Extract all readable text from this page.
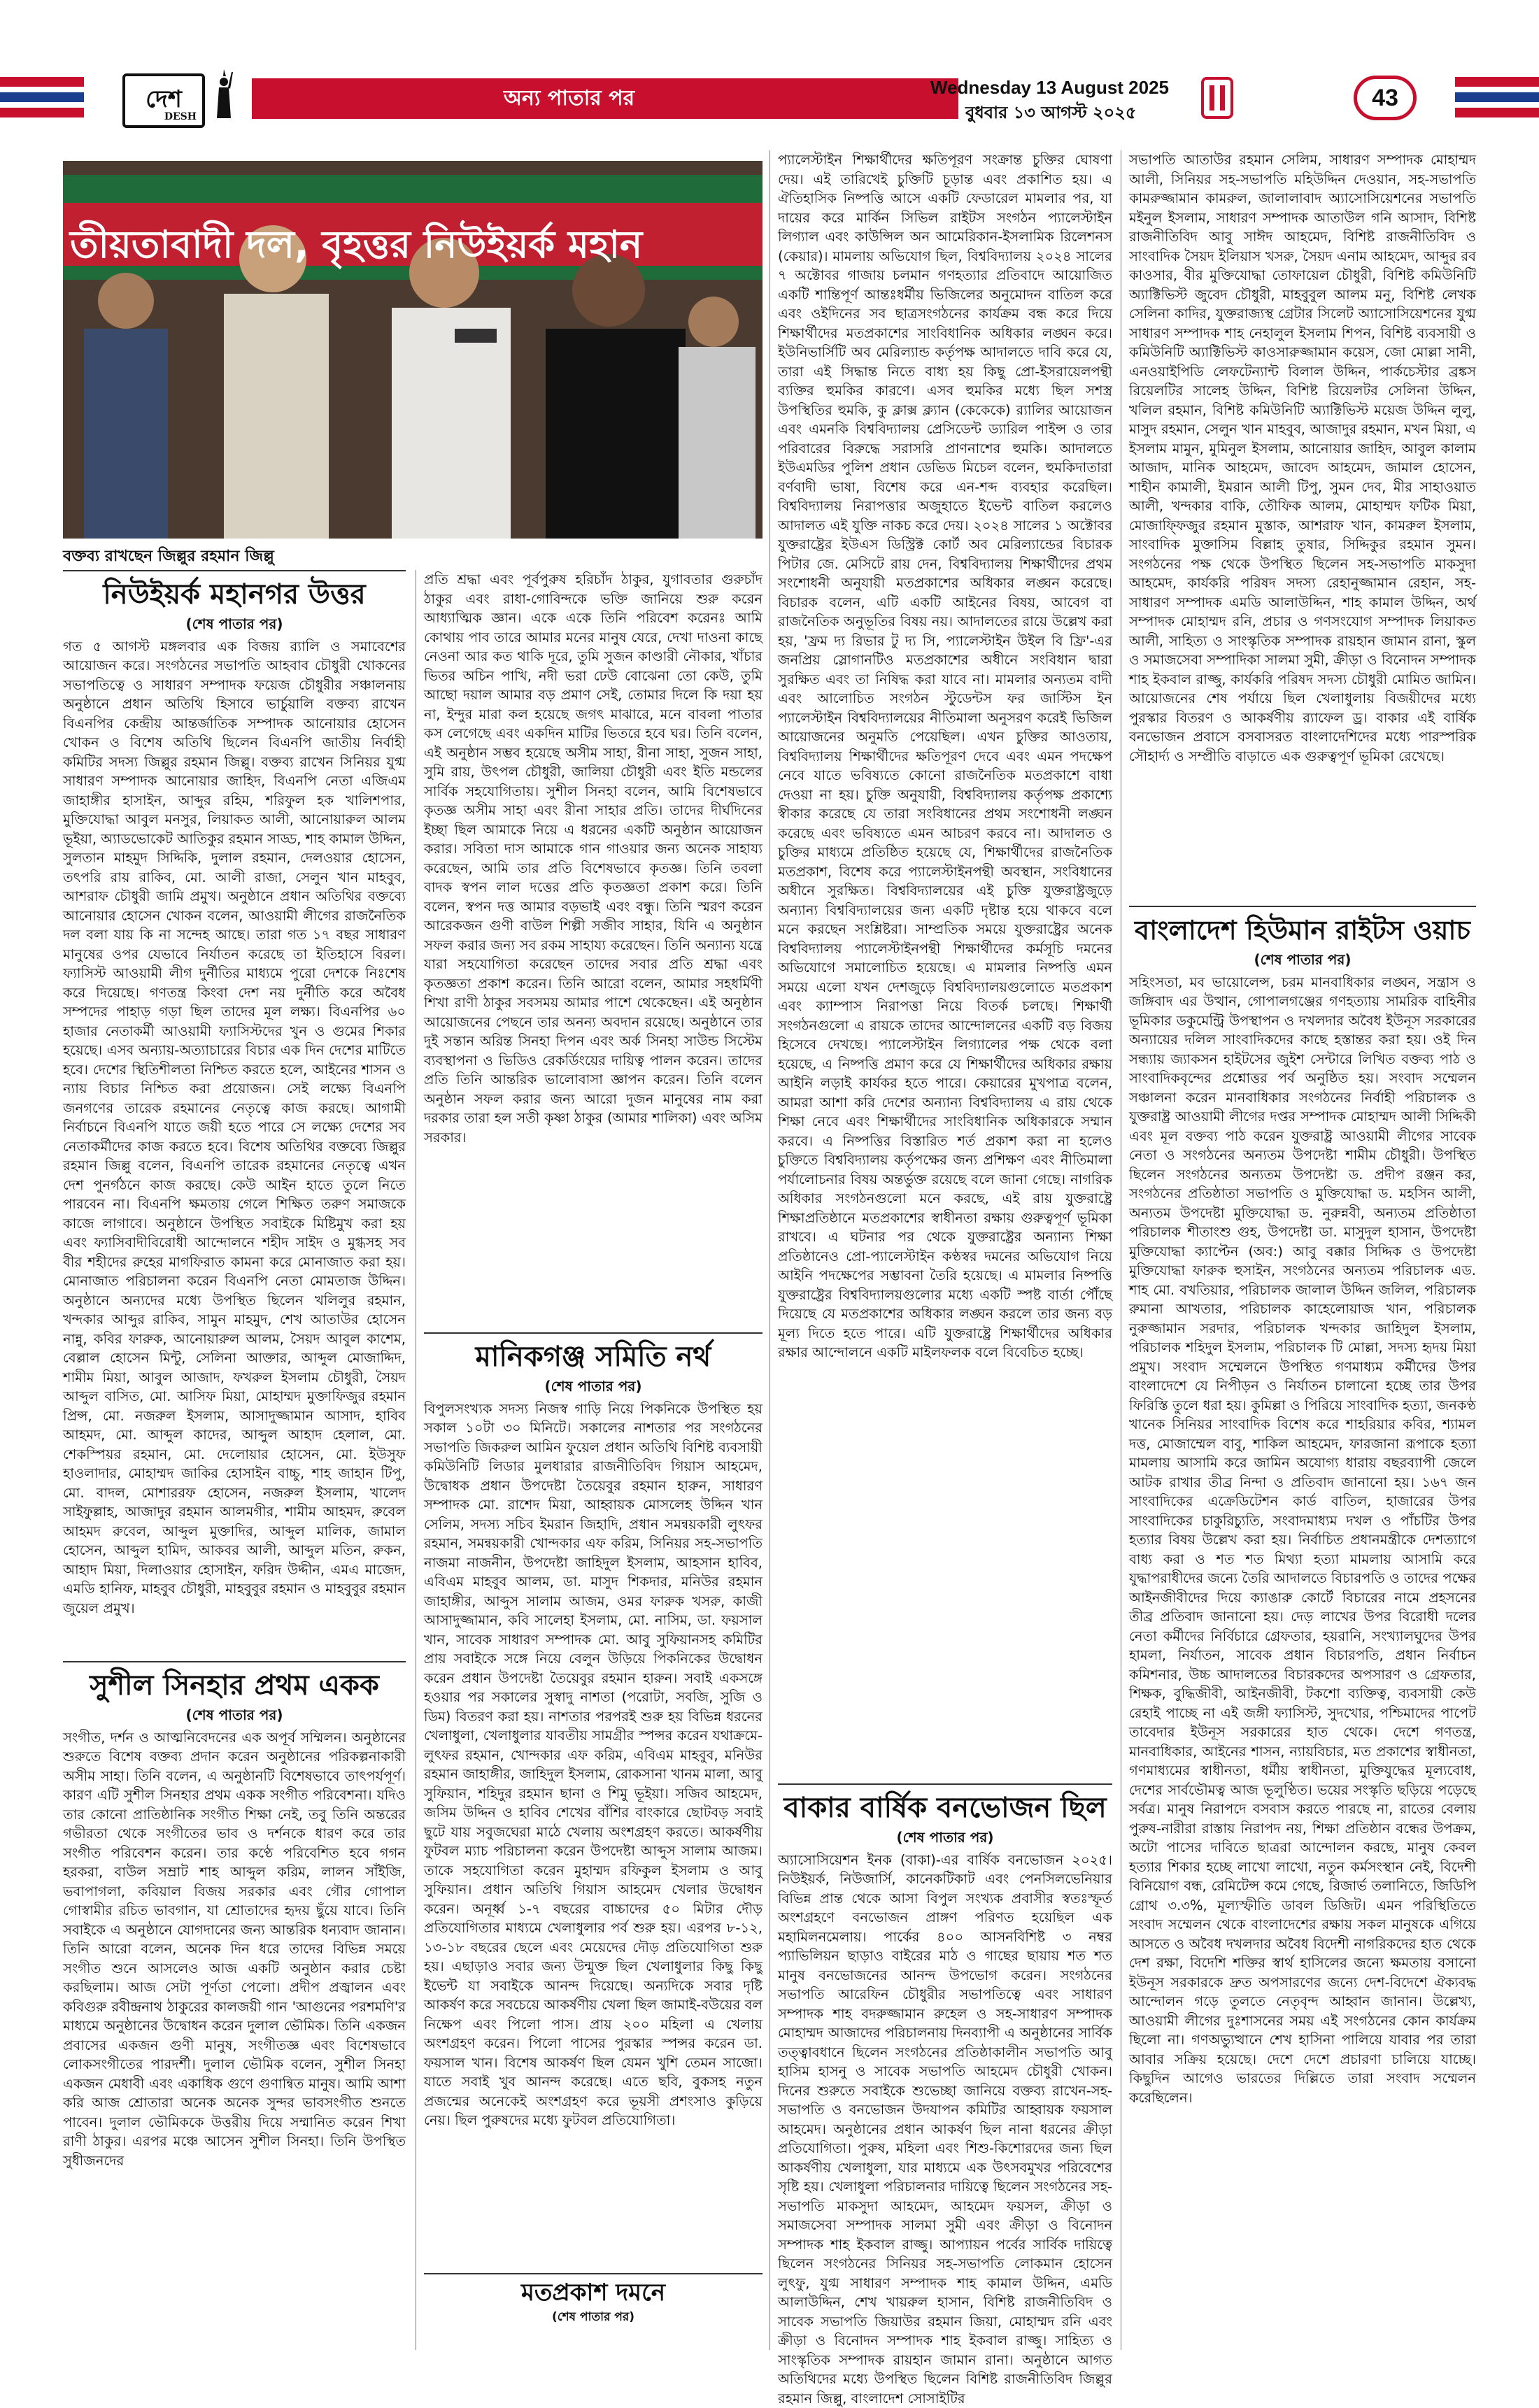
দেশ
DESH
অন্য পাতার পর	Wednesday 13 August 2025
বুধবার ১৩ আগস্ট ২০২৫
43
তীয়তাবাদী দল, বৃহত্তর নিউইয়র্ক মহান
বক্তব্য রাখছেন জিল্লুর রহমান জিল্লু
নিউইয়র্ক মহানগর উত্তর
(শেষ পাতার পর)

গত ৫ আগস্ট মঙ্গলবার এক বিজয় র‍্যালি ও সমাবেশের আয়োজন করে। সংগঠনের সভাপতি আহবাব চৌধুরী খোকনের সভাপতিত্বে ও সাধারণ সম্পাদক ফয়েজ চৌধুরীর সঞ্চালনায় অনুষ্ঠানে প্রধান অতিথি হিসাবে ভার্চুয়ালি বক্তব্য রাখেন বিএনপির কেন্দ্রীয় আন্তর্জাতিক সম্পাদক আনোয়ার হোসেন খোকন ও বিশেষ অতিথি ছিলেন বিএনপি জাতীয় নির্বাহী কমিটির সদস্য জিল্লুর রহমান জিল্লু। বক্তব্য রাখেন সিনিয়র যুগ্ম সাধারণ সম্পাদক আনোয়ার জাহিদ, বিএনপি নেতা এজিএম জাহাঙ্গীর হাসাইন, আব্দুর রহিম, শরিফুল হক খালিশপার, মুক্তিযোদ্ধা আবুল মনসুর, লিয়াকত আলী, আনোয়ারুল আলম ভূইয়া, অ্যাডভোকেট আতিকুর রহমান সাড্ড, শাহ কামাল উদ্দিন, সুলতান মাহমুদ সিদ্দিকি, দুলাল রহমান, দেলওয়ার হোসেন, তৎপরি রায় রাকিব, মো. আলী রাজা, সেলুন খান মাহবুব, আশরাফ চৌধুরী জামি প্রমুখ। অনুষ্ঠানে প্রধান অতিথির বক্তব্যে আনোয়ার হোসেন খোকন বলেন, আওয়ামী লীগের রাজনৈতিক দল বলা যায় কি না সন্দেহ আছে। তারা গত ১৭ বছর সাধারণ মানুষের ওপর যেভাবে নির্যাতন করেছে তা ইতিহাসে বিরল। ফ্যাসিস্ট আওয়ামী লীগ দুর্নীতির মাধ্যমে পুরো দেশকে নিঃশেষ করে দিয়েছে। গণতন্ত্র কিংবা দেশ নয় দুর্নীতি করে অবৈধ সম্পদের পাহাড় গড়া ছিল তাদের মূল লক্ষ্য। বিএনপির ৬০ হাজার নেতাকর্মী আওয়ামী ফ্যাসিস্টদের খুন ও গুমের শিকার হয়েছে। এসব অন্যায়-অত্যাচারের বিচার এক দিন দেশের মাটিতে হবে। দেশের স্থিতিশীলতা নিশ্চিত করতে হলে, আইনের শাসন ও ন্যায় বিচার নিশ্চিত করা প্রয়োজন। সেই লক্ষ্যে বিএনপি জনগণের তারেক রহমানের নেতৃত্বে কাজ করছে। আগামী নির্বাচনে বিএনপি যাতে জয়ী হতে পারে সে লক্ষ্যে দেশের সব নেতাকর্মীদের কাজ করতে হবে। বিশেষ অতিথির বক্তব্যে জিল্লুর রহমান জিল্লু বলেন, বিএনপি তারেক রহমানের নেতৃত্বে এখন দেশ পুনর্গঠনে কাজ করছে। কেউ আইন হাতে তুলে নিতে পারবেন না। বিএনপি ক্ষমতায় গেলে শিক্ষিত তরুণ সমাজকে কাজে লাগাবে। অনুষ্ঠানে উপস্থিত সবাইকে মিষ্টিমুখ করা হয় এবং ফ্যাসিবাদীবিরোধী আন্দোলনে শহীদ সাইদ ও মুগ্ধসহ সব বীর শহীদের রুহের মাগফিরাত কামনা করে মোনাজাত করা হয়। মোনাজাত পরিচালনা করেন বিএনপি নেতা মোমতাজ উদ্দিন। অনুষ্ঠানে অন্যদের মধ্যে উপস্থিত ছিলেন খলিলুর রহমান, খন্দকার আব্দুর রাকিব, সামুন মাহমুদ, শেখ আতাউর হোসেন নান্নু, কবির ফারুক, আনোয়ারুল আলম, সৈয়দ আবুল কাশেম, বেল্লাল হোসেন মিন্টু, সেলিনা আক্তার, আব্দুল মোজাদ্দিদ, শামীম মিয়া, আবুল আজাদ, ফখরুল ইসলাম চৌধুরী, সৈয়দ আব্দুল বাসিত, মো. আসিফ মিয়া, মোহাম্মদ মুক্তাফিজুর রহমান প্রিন্স, মো. নজরুল ইসলাম, আসাদুজ্জামান আসাদ, হাবিব আহমদ, মো. আব্দুল কাদের, আব্দুল আহাদ হেলাল, মো. শেকস্পিয়র রহমান, মো. দেলোয়ার হোসেন, মো. ইউসুফ হাওলাদার, মোহাম্মদ জাকির হোসাইন বাচ্চু, শাহ জাহান টিপু, মো. বাদল, মোশাররফ হোসেন, নজরুল ইসলাম, খালেদ সাইফুল্লাহ, আজাদুর রহমান আলমগীর, শামীম আহমদ, রুবেল আহমদ রুবেল, আব্দুল মুক্তাদির, আব্দুল মালিক, জামাল হোসেন, আব্দুল হামিদ, আকবর আলী, আব্দুল মতিন, রুকন, আহাদ মিয়া, দিলাওয়ার হোসাইন, ফরিদ উদ্দীন, এমএ মাজেদ, এমডি হানিফ, মাহবুব চৌধুরী, মাহবুবুর রহমান ও মাহবুবুর রহমান জুয়েল প্রমুখ।

সুশীল সিনহার প্রথম একক
(শেষ পাতার পর)

সংগীত, দর্শন ও আত্মনিবেদনের এক অপূর্ব সম্মিলন। অনুষ্ঠানের শুরুতে বিশেষ বক্তব্য প্রদান করেন অনুষ্ঠানের পরিকল্পনাকারী অসীম সাহা। তিনি বলেন, এ অনুষ্ঠানটি বিশেষভাবে তাৎপর্যপূর্ণ। কারণ এটি সুশীল সিনহার প্রথম একক সংগীত পরিবেশনা। যদিও তার কোনো প্রাতিষ্ঠানিক সংগীত শিক্ষা নেই, তবু তিনি অন্তরের গভীরতা থেকে সংগীতের ভাব ও দর্শনকে ধারণ করে তার সংগীত পরিবেশন করেন। তার কণ্ঠে পরিবেশিত হবে গগন হরকরা, বাউল সম্রাট শাহ আব্দুল করিম, লালন সাঁইজি, ভবাপাগলা, কবিয়াল বিজয় সরকার এবং গৌর গোপাল গোস্বামীর রচিত ভাবগান, যা শ্রোতাদের হৃদয় ছুঁয়ে যাবে। তিনি সবাইকে এ অনুষ্ঠানে যোগদানের জন্য আন্তরিক ধন্যবাদ জানান। তিনি আরো বলেন, অনেক দিন ধরে তাদের বিভিন্ন সময়ে সংগীত শুনে আসলেও আজ একটি অনুষ্ঠান করার চেষ্টা করছিলাম। আজ সেটা পূর্ণতা পেলো। প্রদীপ প্রজ্বালন এবং কবিগুরু রবীন্দ্রনাথ ঠাকুরের কালজয়ী গান 'আগুনের পরশমণি'র মাধ্যমে অনুষ্ঠানের উদ্বোধন করেন দুলাল ভৌমিক। তিনি একজন প্রবাসের একজন গুণী মানুষ, সংগীতজ্ঞ এবং বিশেষভাবে লোকসংগীতের পারদর্শী। দুলাল ভৌমিক বলেন, সুশীল সিনহা একজন মেধাবী এবং একাধিক গুণে গুণান্বিত মানুষ। আমি আশা করি আজ শ্রোতারা অনেক অনেক সুন্দর ভাবসংগীত শুনতে পাবেন। দুলাল ভৌমিককে উত্তরীয় দিয়ে সম্মানিত করেন শিখা রাণী ঠাকুর। এরপর মঞ্চে আসেন সুশীল সিনহা। তিনি উপস্থিত সুধীজনদের

প্রতি শ্রদ্ধা এবং পূর্বপুরুষ হরিচাঁদ ঠাকুর, যুগাবতার গুরুচাঁদ ঠাকুর এবং রাধা-গোবিন্দকে ভক্তি জানিয়ে শুরু করেন আধ্যাত্মিক জ্ঞান। একে একে তিনি পরিবেশ করেনঃ আমি কোথায় পাব তারে আমার মনের মানুষ যেরে, দেখা দাওনা কাছে নেওনা আর কত থাকি দূরে, তুমি সুজন কাণ্ডারী নৌকার, খাঁচার ভিতর অচিন পাখি, নদী ভরা ঢেউ বোঝেনা তো কেউ, তুমি আছো দয়াল আমার বড় প্রমাণ সেই, তোমার দিলে কি দয়া হয় না, ইন্দুর মারা কল হয়েছে জগৎ মাঝারে, মনে বাবলা পাতার কস লেগেছে এবং একদিন মাটির ভিতরে হবে ঘর। তিনি বলেন, এই অনুষ্ঠান সম্ভব হয়েছে অসীম সাহা, রীনা সাহা, সুজন সাহা, সুমি রায়, উৎপল চৌধুরী, জালিয়া চৌধুরী এবং ইতি মন্ডলের সার্বিক সহযোগিতায়। সুশীল সিনহা বলেন, আমি বিশেষভাবে কৃতজ্ঞ অসীম সাহা এবং রীনা সাহার প্রতি। তাদের দীর্ঘদিনের ইচ্ছা ছিল আমাকে নিয়ে এ ধরনের একটি অনুষ্ঠান আয়োজন করার। সবিতা দাস আমাকে গান গাওয়ার জন্য অনেক সাহায্য করেছেন, আমি তার প্রতি বিশেষভাবে কৃতজ্ঞ। তিনি তবলা বাদক স্বপন লাল দত্তের প্রতি কৃতজ্ঞতা প্রকাশ করে। তিনি বলেন, স্বপন দত্ত আমার বড়ভাই এবং বন্ধু। তিনি স্মরণ করেন আরেকজন গুণী বাউল শিল্পী সজীব সাহার, যিনি এ অনুষ্ঠান সফল করার জন্য সব রকম সাহায্য করেছেন। তিনি অন্যান্য যন্ত্রে যারা সহযোগিতা করেছেন তাদের সবার প্রতি শ্রদ্ধা এবং কৃতজ্ঞতা প্রকাশ করেন। তিনি আরো বলেন, আমার সহধর্মিণী শিখা রাণী ঠাকুর সবসময় আমার পাশে থেকেছেন। এই অনুষ্ঠান আয়োজনের পেছনে তার অনন্য অবদান রয়েছে। অনুষ্ঠানে তার দুই সন্তান অরিন্ত সিনহা দিপন এবং অর্ক সিনহা সাউন্ড সিস্টেম ব্যবস্থাপনা ও ভিডিও রেকর্ডিংয়ের দায়িত্ব পালন করেন। তাদের প্রতি তিনি আন্তরিক ভালোবাসা জ্ঞাপন করেন। তিনি বলেন অনুষ্ঠান সফল করার জন্য আরো দুজন মানুষের নাম করা দরকার তারা হল সতী কৃষ্ণা ঠাকুর (আমার শালিকা) এবং অসিম সরকার।

মানিকগঞ্জ সমিতি নর্থ
(শেষ পাতার পর)

বিপুলসংখ্যক সদস্য নিজস্ব গাড়ি নিয়ে পিকনিকে উপস্থিত হয় সকাল ১০টা ৩০ মিনিটে। সকালের নাশতার পর সংগঠনের সভাপতি জিকরুল আমিন ফুয়েল প্রধান অতিথি বিশিষ্ট ব্যবসায়ী কমিউনিটি লিডার মুলধারার রাজনীতিবিদ গিয়াস আহমেদ, উদ্বোধক প্রধান উপদেষ্টা তৈয়েবুর রহমান হারুন, সাধারণ সম্পাদক মো. রাশেদ মিয়া, আহ্বায়ক মোসলেহ উদ্দিন খান সেলিম, সদস্য সচিব ইমরান জিহাদি, প্রধান সমন্বয়কারী লুৎফর রহমান, সমন্বয়কারী খোন্দকার এফ করিম, সিনিয়র সহ-সভাপতি নাজমা নাজনীন, উপদেষ্টা জাহিদুল ইসলাম, আহসান হাবিব, এবিএম মাহবুব আলম, ডা. মাসুদ শিকদার, মনিউর রহমান জাহাঙ্গীর, আব্দুস সালাম আজম, ওমর ফারুক খসরু, কাজী আসাদুজ্জামান, কবি সালেহা ইসলাম, মো. নাসিম, ডা. ফয়সাল খান, সাবেক সাধারণ সম্পাদক মো. আবু সুফিয়ানসহ কমিটির প্রায় সবাইকে সঙ্গে নিয়ে বেলুন উড়িয়ে পিকনিকের উদ্বোধন করেন প্রধান উপদেষ্টা তৈয়েবুর রহমান হারুন। সবাই একসঙ্গে হওয়ার পর সকালের সুস্বাদু নাশতা (পরোটা, সবজি, সুজি ও ডিম) বিতরণ করা হয়। নাশতার পরপরই শুরু হয় বিভিন্ন ধরনের খেলাধুলা, খেলাধুলার যাবতীয় সামগ্রীর স্পন্সর করেন যথাক্রমে-লুৎফর রহমান, খোন্দকার এফ করিম, এবিএম মাহবুব, মনিউর রহমান জাহাঙ্গীর, জাহিদুল ইসলাম, রোকসানা খানম মালা, আবু সুফিয়ান, শহিদুর রহমান ছানা ও শিমু ভূইয়া। সজিব আহমেদ, জসিম উদ্দিন ও হাবিব শেখের বাঁশির বাংকারে ছোটবড় সবাই ছুটে যায় সবুজঘেরা মাঠে খেলায় অংশগ্রহণ করতে। আকর্ষণীয় ফুটবল ম্যাচ পরিচালনা করেন উপদেষ্টা আব্দুস সালাম আজম। তাকে সহযোগিতা করেন মুহাম্মদ রফিকুল ইসলাম ও আবু সুফিয়ান। প্রধান অতিথি গিয়াস আহমেদ খেলার উদ্বোধন করেন। অনূর্ধ্ব ১-৭ বছরের বাচ্চাদের ৫০ মিটার দৌড় প্রতিযোগিতার মাধ্যমে খেলাধুলার পর্ব শুরু হয়। এরপর ৮-১২, ১৩-১৮ বছরের ছেলে এবং মেয়েদের দৌড় প্রতিযোগিতা শুরু হয়। এছাড়াও সবার জন্য উন্মুক্ত ছিল খেলাধুলার কিছু কিছু ইভেন্ট যা সবাইকে আনন্দ দিয়েছে। অন্যদিকে সবার দৃষ্টি আকর্ষণ করে সবচেয়ে আকর্ষণীয় খেলা ছিল জামাই-বউয়ের বল নিক্ষেপ এবং পিলো পাস। প্রায় ২০০ মহিলা এ খেলায় অংশগ্রহণ করেন। পিলো পাসের পুরস্কার স্পন্সর করেন ডা. ফয়সাল খান। বিশেষ আকর্ষণ ছিল যেমন খুশি তেমন সাজো। যাতে সবাই খুব আনন্দ করেছে। এতে ছবি, বুকসহ নতুন প্রজন্মের অনেকেই অংশগ্রহণ করে ভূয়সী প্রশংসাও কুড়িয়ে নেয়। ছিল পুরুষদের মধ্যে ফুটবল প্রতিযোগিতা।

মতপ্রকাশ দমনে
(শেষ পাতার পর)

প্যালেস্টাইন শিক্ষার্থীদের ক্ষতিপূরণ সংক্রান্ত চুক্তির ঘোষণা দেয়। এই তারিখেই চুক্তিটি চূড়ান্ত এবং প্রকাশিত হয়। এ ঐতিহাসিক নিষ্পত্তি আসে একটি ফেডারেল মামলার পর, যা দায়ের করে মার্কিন সিভিল রাইটস সংগঠন প্যালেস্টাইন লিগ্যাল এবং কাউন্সিল অন আমেরিকান-ইসলামিক রিলেশনস (কেয়ার)। মামলায় অভিযোগ ছিল, বিশ্ববিদ্যালয় ২০২৪ সালের ৭ অক্টোবর গাজায় চলমান গণহত্যার প্রতিবাদে আয়োজিত একটি শান্তিপূর্ণ আন্তঃধর্মীয় ভিজিলের অনুমোদন বাতিল করে এবং ওইদিনের সব ছাত্রসংগঠনের কার্যক্রম বন্ধ করে দিয়ে শিক্ষার্থীদের মতপ্রকাশের সাংবিধানিক অধিকার লঙ্ঘন করে। ইউনিভার্সিটি অব মেরিল্যান্ড কর্তৃপক্ষ আদালতে দাবি করে যে, তারা এই সিদ্ধান্ত নিতে বাধ্য হয় কিছু প্রো-ইসরায়েলপন্থী ব্যক্তির হুমকির কারণে। এসব হুমকির মধ্যে ছিল সশস্ত্র উপস্থিতির হুমকি, কু ক্লাক্স ক্ল্যান (কেকেকে) র‍্যালির আয়োজন এবং এমনকি বিশ্ববিদ্যালয় প্রেসিডেন্ট ড্যারিল পাইন্স ও তার পরিবারের বিরুদ্ধে সরাসরি প্রাণনাশের হুমকি। আদালতে ইউএমডির পুলিশ প্রধান ডেভিড মিচেল বলেন, হুমকিদাতারা বর্ণবাদী ভাষা, বিশেষ করে এন-শব্দ ব্যবহার করেছিল। বিশ্ববিদ্যালয় নিরাপত্তার অজুহাতে ইভেন্ট বাতিল করলেও আদালত এই যুক্তি নাকচ করে দেয়। ২০২৪ সালের ১ অক্টোবর যুক্তরাষ্ট্রের ইউএস ডিস্ট্রিক্ট কোর্ট অব মেরিল্যান্ডের বিচারক পিটার জে. মেসিটে রায় দেন, বিশ্ববিদ্যালয় শিক্ষার্থীদের প্রথম সংশোধনী অনুযায়ী মতপ্রকাশের অধিকার লঙ্ঘন করেছে। বিচারক বলেন, এটি একটি আইনের বিষয়, আবেগ বা রাজনৈতিক অনুভূতির বিষয় নয়। আদালতের রায়ে উল্লেখ করা হয়, 'ফ্রম দ্য রিভার টু দ্য সি, প্যালেস্টাইন উইল বি ফ্রি'-এর জনপ্রিয় স্লোগানটিও মতপ্রকাশের অধীনে সংবিধান দ্বারা সুরক্ষিত এবং তা নিষিদ্ধ করা যাবে না। মামলার অন্যতম বাদী এবং আলোচিত সংগঠন স্টুডেন্টস ফর জাস্টিস ইন প্যালেস্টাইন বিশ্ববিদ্যালয়ের নীতিমালা অনুসরণ করেই ভিজিল আয়োজনের অনুমতি পেয়েছিল। এখন চুক্তির আওতায়, বিশ্ববিদ্যালয় শিক্ষার্থীদের ক্ষতিপূরণ দেবে এবং এমন পদক্ষেপ নেবে যাতে ভবিষ্যতে কোনো রাজনৈতিক মতপ্রকাশে বাধা দেওয়া না হয়। চুক্তি অনুযায়ী, বিশ্ববিদ্যালয় কর্তৃপক্ষ প্রকাশ্যে স্বীকার করেছে যে তারা সংবিধানের প্রথম সংশোধনী লঙ্ঘন করেছে এবং ভবিষ্যতে এমন আচরণ করবে না। আদালত ও চুক্তির মাধ্যমে প্রতিষ্ঠিত হয়েছে যে, শিক্ষার্থীদের রাজনৈতিক মতপ্রকাশ, বিশেষ করে প্যালেস্টাইনপন্থী অবস্থান, সংবিধানের অধীনে সুরক্ষিত। বিশ্ববিদ্যালয়ের এই চুক্তি যুক্তরাষ্ট্রজুড়ে অন্যান্য বিশ্ববিদ্যালয়ের জন্য একটি দৃষ্টান্ত হয়ে থাকবে বলে মনে করছেন সংশ্লিষ্টরা। সাম্প্রতিক সময়ে যুক্তরাষ্ট্রের অনেক বিশ্ববিদ্যালয় প্যালেস্টাইনপন্থী শিক্ষার্থীদের কর্মসূচি দমনের অভিযোগে সমালোচিত হয়েছে। এ মামলার নিষ্পত্তি এমন সময়ে এলো যখন দেশজুড়ে বিশ্ববিদ্যালয়গুলোতে মতপ্রকাশ এবং ক্যাম্পাস নিরাপত্তা নিয়ে বিতর্ক চলছে। শিক্ষার্থী সংগঠনগুলো এ রায়কে তাদের আন্দোলনের একটি বড় বিজয় হিসেবে দেখছে। প্যালেস্টাইন লিগ্যালের পক্ষ থেকে বলা হয়েছে, এ নিষ্পত্তি প্রমাণ করে যে শিক্ষার্থীদের অধিকার রক্ষায় আইনি লড়াই কার্যকর হতে পারে। কেয়ারের মুখপাত্র বলেন, আমরা আশা করি দেশের অন্যান্য বিশ্ববিদ্যালয় এ রায় থেকে শিক্ষা নেবে এবং শিক্ষার্থীদের সাংবিধানিক অধিকারকে সম্মান করবে। এ নিষ্পত্তির বিস্তারিত শর্ত প্রকাশ করা না হলেও চুক্তিতে বিশ্ববিদ্যালয় কর্তৃপক্ষের জন্য প্রশিক্ষণ এবং নীতিমালা পর্যালোচনার বিষয় অন্তর্ভুক্ত রয়েছে বলে জানা গেছে। নাগরিক অধিকার সংগঠনগুলো মনে করছে, এই রায় যুক্তরাষ্ট্রে শিক্ষাপ্রতিষ্ঠানে মতপ্রকাশের স্বাধীনতা রক্ষায় গুরুত্বপূর্ণ ভূমিকা রাখবে। এ ঘটনার পর থেকে যুক্তরাষ্ট্রের অন্যান্য শিক্ষা প্রতিষ্ঠানেও প্রো-প্যালেস্টাইন কণ্ঠস্বর দমনের অভিযোগ নিয়ে আইনি পদক্ষেপের সম্ভাবনা তৈরি হয়েছে। এ মামলার নিষ্পত্তি যুক্তরাষ্ট্রের বিশ্ববিদ্যালয়গুলোর মধ্যে একটি স্পষ্ট বার্তা পৌঁছে দিয়েছে যে মতপ্রকাশের অধিকার লঙ্ঘন করলে তার জন্য বড় মূল্য দিতে হতে পারে। এটি যুক্তরাষ্ট্রে শিক্ষার্থীদের অধিকার রক্ষার আন্দোলনে একটি মাইলফলক বলে বিবেচিত হচ্ছে।

বাকার বার্ষিক বনভোজন ছিল
(শেষ পাতার পর)

অ্যাসোসিয়েশন ইনক (বাকা)-এর বার্ষিক বনভোজন ২০২৫। নিউইয়র্ক, নিউজার্সি, কানেকটিকাট এবং পেনসিলভেনিয়ার বিভিন্ন প্রান্ত থেকে আসা বিপুল সংখ্যক প্রবাসীর স্বতঃস্ফূর্ত অংশগ্রহণে বনভোজন প্রাঙ্গণ পরিণত হয়েছিল এক মহামিলনমেলায়। পার্কের ৪০০ আসনবিশিষ্ট ৩ নম্বর প্যাভিলিয়ন ছাড়াও বাইরের মাঠ ও গাছের ছায়ায় শত শত মানুষ বনভোজনের আনন্দ উপভোগ করেন। সংগঠনের সভাপতি আরেফিন চৌধুরীর সভাপতিত্বে এবং সাধারণ সম্পাদক শাহ বদরুজ্জামান রুহেল ও সহ-সাধারণ সম্পাদক মোহাম্মদ আজাদের পরিচালনায় দিনব্যাপী এ অনুষ্ঠানের সার্বিক তত্ত্বাবধানে ছিলেন সংগঠনের প্রতিষ্ঠাকালীন সভাপতি আবু হাসিম হাসনু ও সাবেক সভাপতি আহমেদ চৌধুরী খোকন। দিনের শুরুতে সবাইকে শুভেচ্ছা জানিয়ে বক্তব্য রাখেন-সহ-সভাপতি ও বনভোজন উদযাপন কমিটির আহ্বায়ক ফয়সাল আহমেদ। অনুষ্ঠানের প্রধান আকর্ষণ ছিল নানা ধরনের ক্রীড়া প্রতিযোগিতা। পুরুষ, মহিলা এবং শিশু-কিশোরদের জন্য ছিল আকর্ষণীয় খেলাধুলা, যার মাধ্যমে এক উৎসবমুখর পরিবেশের সৃষ্টি হয়। খেলাধুলা পরিচালনার দায়িত্বে ছিলেন সংগঠনের সহ-সভাপতি মাকসুদা আহমেদ, আহমেদ ফয়সল, ক্রীড়া ও সমাজসেবা সম্পাদক সালমা সুমী এবং ক্রীড়া ও বিনোদন সম্পাদক শাহ ইকবাল রাজ্জু। আপ্যায়ন পর্বের সার্বিক দায়িত্বে ছিলেন সংগঠনের সিনিয়র সহ-সভাপতি লোকমান হোসেন লুৎফু, যুগ্ম সাধারণ সম্পাদক শাহ কামাল উদ্দিন, এমডি আলাউদ্দিন, শেখ খায়রুল হাসান, বিশিষ্ট রাজনীতিবিদ ও সাবেক সভাপতি জিয়াউর রহমান জিয়া, মোহাম্মদ রনি এবং ক্রীড়া ও বিনোদন সম্পাদক শাহ ইকবাল রাজ্জু। সাহিত্য ও সাংস্কৃতিক সম্পাদক রায়হান জামান রানা। অনুষ্ঠানে আগত অতিথিদের মধ্যে উপস্থিত ছিলেন বিশিষ্ট রাজনীতিবিদ জিল্লুর রহমান জিল্লু, বাংলাদেশ সোসাইটির

সভাপতি আতাউর রহমান সেলিম, সাধারণ সম্পাদক মোহাম্মদ আলী, সিনিয়র সহ-সভাপতি মহিউদ্দিন দেওয়ান, সহ-সভাপতি কামরুজ্জামান কামরুল, জালালাবাদ অ্যাসোসিয়েশনের সভাপতি মইনুল ইসলাম, সাধারণ সম্পাদক আতাউল গনি আসাদ, বিশিষ্ট রাজনীতিবিদ আবু সাঈদ আহমেদ, বিশিষ্ট রাজনীতিবিদ ও সাংবাদিক সৈয়দ ইলিয়াস খসরু, সৈয়দ এনাম আহমেদ, আব্দুর রব কাওসার, বীর মুক্তিযোদ্ধা তোফায়েল চৌধুরী, বিশিষ্ট কমিউনিটি অ্যাক্টিভিস্ট জুবেদ চৌধুরী, মাহবুবুল আলম মনু, বিশিষ্ট লেখক সেলিনা কাদির, যুক্তরাজ্যস্থ গ্রেটার সিলেট অ্যাসোসিয়েশনের যুগ্ম সাধারণ সম্পাদক শাহ নেহালুল ইসলাম শিপন, বিশিষ্ট ব্যবসায়ী ও কমিউনিটি অ্যাক্টিভিস্ট কাওসারুজ্জামান কয়েস, জো মোল্লা সানী, এনওয়াইপিডি লেফটেন্যান্ট বিলাল উদ্দিন, পার্কচেস্টার ব্রঙ্কস রিয়েলটির সালেহ উদ্দিন, বিশিষ্ট রিয়েলটর সেলিনা উদ্দিন, খলিল রহমান, বিশিষ্ট কমিউনিটি অ্যাক্টিভিস্ট ময়েজ উদ্দিন লুলু, মাসুদ রহমান, সেলুন খান মাহবুব, আজাদুর রহমান, মখন মিয়া, এ ইসলাম মামুন, মুমিনুল ইসলাম, আনোয়ার জাহিদ, আবুল কালাম আজাদ, মানিক আহমেদ, জাবেদ আহমেদ, জামাল হোসেন, শাহীন কামালী, ইমরান আলী টিপু, সুমন দেব, মীর সাহাওয়াত আলী, খন্দকার বাকি, তৌফিক আলম, মোহাম্মদ ফটিক মিয়া, মোজাফ্ফিজুর রহমান মুস্তাক, আশরাফ খান, কামরুল ইসলাম, সাংবাদিক মুক্তাসিম বিল্লাহ তুষার, সিদ্দিকুর রহমান সুমন। সংগঠনের পক্ষ থেকে উপস্থিত ছিলেন সহ-সভাপতি মাকসুদা আহমেদ, কার্যকরি পরিষদ সদস্য রেহানুজ্জামান রেহান, সহ-সাধারণ সম্পাদক এমডি আলাউদ্দিন, শাহ কামাল উদ্দিন, অর্থ সম্পাদক মোহাম্মদ রনি, প্রচার ও গণসংযোগ সম্পাদক লিয়াকত আলী, সাহিত্য ও সাংস্কৃতিক সম্পাদক রায়হান জামান রানা, স্কুল ও সমাজসেবা সম্পাদিকা সালমা সুমী, ক্রীড়া ও বিনোদন সম্পাদক শাহ ইকবাল রাজ্জু, কার্যকরি পরিষদ সদস্য চৌধুরী মোমিত জামিন। আয়োজনের শেষ পর্যায়ে ছিল খেলাধুলায় বিজয়ীদের মধ্যে পুরস্কার বিতরণ ও আকর্ষণীয় র‍্যাফেল ড্র। বাকার এই বার্ষিক বনভোজন প্রবাসে বসবাসরত বাংলাদেশিদের মধ্যে পারস্পরিক সৌহার্দ্য ও সম্প্রীতি বাড়াতে এক গুরুত্বপূর্ণ ভূমিকা রেখেছে।

বাংলাদেশ হিউমান রাইটস ওয়াচ
(শেষ পাতার পর)

সহিংসতা, মব ভায়োলেন্স, চরম মানবাধিকার লঙ্ঘন, সন্ত্রাস ও জঙ্গিবাদ এর উত্থান, গোপালগঞ্জের গণহত্যায় সামরিক বাহিনীর ভূমিকার ডকুমেন্ট্রি উপস্থাপন ও দখলদার অবৈধ ইউনূস সরকারের অন্যায়ের দলিল সাংবাদিকদের কাছে হস্তান্তর করা হয়। ওই দিন সন্ধ্যায় জ্যাকসন হাইটসের জুইশ সেন্টারে লিখিত বক্তব্য পাঠ ও সাংবাদিকবৃন্দের প্রশ্নোত্তর পর্ব অনুষ্ঠিত হয়। সংবাদ সম্মেলন সঞ্চালনা করেন মানবাধিকার সংগঠনের নির্বাহী পরিচালক ও যুক্তরাষ্ট্র আওয়ামী লীগের দপ্তর সম্পাদক মোহাম্মদ আলী সিদ্দিকী এবং মূল বক্তব্য পাঠ করেন যুক্তরাষ্ট্র আওয়ামী লীগের সাবেক নেতা ও সংগঠনের অন্যতম উপদেষ্টা শামীম চৌধুরী। উপস্থিত ছিলেন সংগঠনের অন্যতম উপদেষ্টা ড. প্রদীপ রঞ্জন কর, সংগঠনের প্রতিষ্ঠাতা সভাপতি ও মুক্তিযোদ্ধা ড. মহসিন আলী, অন্যতম উপদেষ্টা মুক্তিযোদ্ধা ড. নুরুন্নবী, অন্যতম প্রতিষ্ঠাতা পরিচালক শীতাংশু গুহ, উপদেষ্টা ডা. মাসুদুল হাসান, উপদেষ্টা মুক্তিযোদ্ধা ক্যাপ্টেন (অব:) আবু বক্কার সিদ্দিক ও উপদেষ্টা মুক্তিযোদ্ধা ফারুক হুসাইন, সংগঠনের অন্যতম পরিচালক এড. শাহ মো. বখতিয়ার, পরিচালক জালাল উদ্দিন জলিল, পরিচালক রুমানা আখতার, পরিচালক কাহেলোয়াজ খান, পরিচালক নুরুজ্জামান সরদার, পরিচালক খন্দকার জাহিদুল ইসলাম, পরিচালক শহিদুল ইসলাম, পরিচালক টি মোল্লা, সদস্য হৃদয় মিয়া প্রমুখ। সংবাদ সম্মেলনে উপস্থিত গণমাধ্যম কর্মীদের উপর বাংলাদেশে যে নিপীড়ন ও নির্যাতন চালানো হচ্ছে তার উপর ফিরিস্তি তুলে ধরা হয়। কুমিল্লা ও পিরিয়ে সাংবাদিক হত্যা, জনকণ্ঠ খানেক সিনিয়র সাংবাদিক বিশেষ করে শাহরিয়ার কবির, শ্যামল দত্ত, মোজাম্মেল বাবু, শাকিল আহমেদ, ফারজানা রূপাকে হত্যা মামলায় আসামি করে জামিন অযোগ্য ধারায় বছরব্যাপী জেলে আটক রাখার তীব্র নিন্দা ও প্রতিবাদ জানানো হয়। ১৬৭ জন সাংবাদিকের এক্রেডিটেশন কার্ড বাতিল, হাজারের উপর সাংবাদিকের চাকুরিচ্যুতি, সংবাদমাধ্যম দখল ও পাঁচটির উপর হত্যার বিষয় উল্লেখ করা হয়। নির্বাচিত প্রধানমন্ত্রীকে দেশত্যাগে বাধ্য করা ও শত শত মিথ্যা হত্যা মামলায় আসামি করে যুদ্ধাপরাধীদের জন্যে তৈরি আদালতে বিচারপতি ও তাদের পক্ষের আইনজীবীদের দিয়ে ক্যাঙারু কোর্টে বিচারের নামে প্রহসনের তীব্র প্রতিবাদ জানানো হয়। দেড় লাখের উপর বিরোধী দলের নেতা কর্মীদের নির্বিচারে গ্রেফতার, হয়রানি, সংখ্যালঘুদের উপর হামলা, নির্যাতন, সাবেক প্রধান বিচারপতি, প্রধান নির্বাচন কমিশনার, উচ্চ আদালতের বিচারকদের অপসারণ ও গ্রেফতার, শিক্ষক, বুদ্ধিজীবী, আইনজীবী, টকশো ব্যক্তিত্ব, ব্যবসায়ী কেউ রেহাই পাচ্ছে না এই জঙ্গী ফ্যাসিস্ট, সুদখোর, পশ্চিমাদের পাপেট তাবেদার ইউনূস সরকারের হাত থেকে। দেশে গণতন্ত্র, মানবাধিকার, আইনের শাসন, ন্যায়বিচার, মত প্রকাশের স্বাধীনতা, গণমাধ্যমের স্বাধীনতা, ধর্মীয় স্বাধীনতা, মুক্তিযুদ্ধের মূল্যবোধ, দেশের সার্বভৌমত্ব আজ ভূলুণ্ঠিত। ভয়ের সংস্কৃতি ছড়িয়ে পড়েছে সর্বত্র। মানুষ নিরাপদে বসবাস করতে পারছে না, রাতের বেলায় পুরুষ-নারীরা রাস্তায় নিরাপদ নয়, শিক্ষা প্রতিষ্ঠান বন্ধের উপক্রম, অটো পাসের দাবিতে ছাত্ররা আন্দোলন করছে, মানুষ কেবল হত্যার শিকার হচ্ছে লাখো লাখো, নতুন কর্মসংস্থান নেই, বিদেশী বিনিয়োগ বন্ধ, রেমিটেন্স কমে গেছে, রিজার্ভ তলানিতে, জিডিপি গ্রোথ ৩.৩%, মূল্যস্ফীতি ডাবল ডিজিট। এমন পরিস্থিতিতে সংবাদ সম্মেলন থেকে বাংলাদেশের রক্ষায় সকল মানুষকে এগিয়ে আসতে ও অবৈধ দখলদার অবৈধ বিদেশী নাগরিকদের হাত থেকে দেশ রক্ষা, বিদেশি শক্তির স্বার্থ হাসিলের জন্যে ক্ষমতায় বসানো ইউনূস সরকারকে দ্রুত অপসারণের জন্যে দেশ-বিদেশে ঐক্যবদ্ধ আন্দোলন গড়ে তুলতে নেতৃবৃন্দ আহ্বান জানান। উল্লেখ্য, আওয়ামী লীগের দুঃশাসনের সময় এই সংগঠনের কোন কার্যক্রম ছিলো না। গণঅভ্যুত্থানে শেখ হাসিনা পালিয়ে যাবার পর তারা আবার সক্রিয় হয়েছে। দেশে দেশে প্রচারণা চালিয়ে যাচ্ছে। কিছুদিন আগেও ভারতের দিল্লিতে তারা সংবাদ সম্মেলন করেছিলেন।
